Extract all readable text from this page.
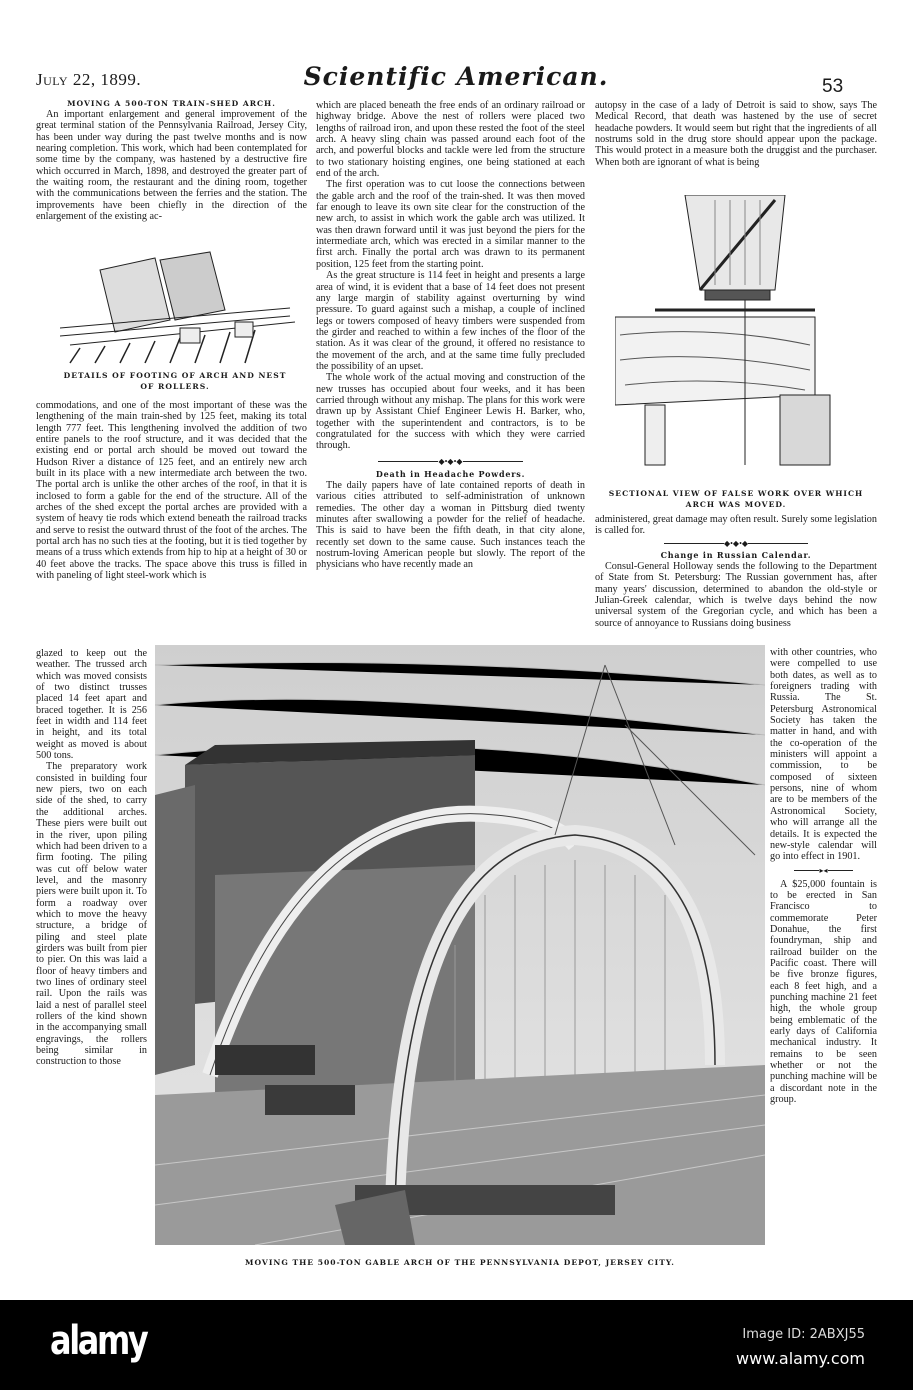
July 22, 1899.	Scientific American.	53
MOVING A 500-TON TRAIN-SHED ARCH.

An important enlargement and general improvement of the great terminal station of the Pennsylvania Railroad, Jersey City, has been under way during the past twelve months and is now nearing completion. This work, which had been contemplated for some time by the company, was hastened by a destructive fire which occurred in March, 1898, and destroyed the greater part of the waiting room, the restaurant and the dining room, together with the communications between the ferries and the station. The improvements have been chiefly in the direction of the enlargement of the existing ac-

DETAILS OF FOOTING OF ARCH AND NEST OF ROLLERS.

commodations, and one of the most important of these was the lengthening of the main train-shed by 125 feet, making its total length 777 feet. This lengthening involved the addition of two entire panels to the roof structure, and it was decided that the existing end or portal arch should be moved out toward the Hudson River a distance of 125 feet, and an entirely new arch built in its place with a new intermediate arch between the two. The portal arch is unlike the other arches of the roof, in that it is inclosed to form a gable for the end of the structure. All of the arches of the shed except the portal arches are provided with a system of heavy tie rods which extend beneath the railroad tracks and serve to resist the outward thrust of the foot of the arches. The portal arch has no such ties at the footing, but it is tied together by means of a truss which extends from hip to hip at a height of 30 or 40 feet above the tracks. The space above this truss is filled in with paneling of light steel-work which is

glazed to keep out the weather. The trussed arch which was moved consists of two distinct trusses placed 14 feet apart and braced together. It is 256 feet in width and 114 feet in height, and its total weight as moved is about 500 tons.

The preparatory work consisted in building four new piers, two on each side of the shed, to carry the additional arches. These piers were built out in the river, upon piling which had been driven to a firm footing. The piling was cut off below water level, and the masonry piers were built upon it. To form a roadway over which to move the heavy structure, a bridge of piling and steel plate girders was built from pier to pier. On this was laid a floor of heavy timbers and two lines of ordinary steel rail. Upon the rails was laid a nest of parallel steel rollers of the kind shown in the accompanying small engravings, the rollers being similar in construction to those

which are placed beneath the free ends of an ordinary railroad or highway bridge. Above the nest of rollers were placed two lengths of railroad iron, and upon these rested the foot of the steel arch. A heavy sling chain was passed around each foot of the arch, and powerful blocks and tackle were led from the structure to two stationary hoisting engines, one being stationed at each end of the arch.

The first operation was to cut loose the connections between the gable arch and the roof of the train-shed. It was then moved far enough to leave its own site clear for the construction of the new arch, to assist in which work the gable arch was utilized. It was then drawn forward until it was just beyond the piers for the intermediate arch, which was erected in a similar manner to the first arch. Finally the portal arch was drawn to its permanent position, 125 feet from the starting point.

As the great structure is 114 feet in height and presents a large area of wind, it is evident that a base of 14 feet does not present any large margin of stability against overturning by wind pressure. To guard against such a mishap, a couple of inclined legs or towers composed of heavy timbers were suspended from the girder and reached to within a few inches of the floor of the station. As it was clear of the ground, it offered no resistance to the movement of the arch, and at the same time fully precluded the possibility of an upset.

The whole work of the actual moving and construction of the new trusses has occupied about four weeks, and it has been carried through without any mishap. The plans for this work were drawn up by Assistant Chief Engineer Lewis H. Barker, who, together with the superintendent and contractors, is to be congratulated for the success with which they were carried through.

◆•◆•◆
Death in Headache Powders.

The daily papers have of late contained reports of death in various cities attributed to self-administration of unknown remedies. The other day a woman in Pittsburg died twenty minutes after swallowing a powder for the relief of headache. This is said to have been the fifth death, in that city alone, recently set down to the same cause. Such instances teach the nostrum-loving American people but slowly. The report of the physicians who have recently made an

autopsy in the case of a lady of Detroit is said to show, says The Medical Record, that death was hastened by the use of secret headache powders. It would seem but right that the ingredients of all nostrums sold in the drug store should appear upon the package. This would protect in a measure both the druggist and the purchaser. When both are ignorant of what is being

SECTIONAL VIEW OF FALSE WORK OVER WHICH ARCH WAS MOVED.

administered, great damage may often result. Surely some legislation is called for.

◆•◆•◆
Change in Russian Calendar.

Consul-General Holloway sends the following to the Department of State from St. Petersburg: The Russian government has, after many years' discussion, determined to abandon the old-style or Julian-Greek calendar, which is twelve days behind the now universal system of the Gregorian cycle, and which has been a source of annoyance to Russians doing business

with other countries, who were compelled to use both dates, as well as to foreigners trading with Russia. The St. Petersburg Astronomical Society has taken the matter in hand, and with the co-operation of the ministers will appoint a commission, to be composed of sixteen persons, nine of whom are to be members of the Astronomical Society, who will arrange all the details. It is expected the new-style calendar will go into effect in 1901.

▸◂

A $25,000 fountain is to be erected in San Francisco to commemorate Peter Donahue, the first foundryman, ship and railroad builder on the Pacific coast. There will be five bronze figures, each 8 feet high, and a punching machine 21 feet high, the whole group being emblematic of the early days of California mechanical industry. It remains to be seen whether or not the punching machine will be a discordant note in the group.

MOVING THE 500-TON GABLE ARCH OF THE PENNSYLVANIA DEPOT, JERSEY CITY.
alamy	Image ID: 2ABXJ55
www.alamy.com
